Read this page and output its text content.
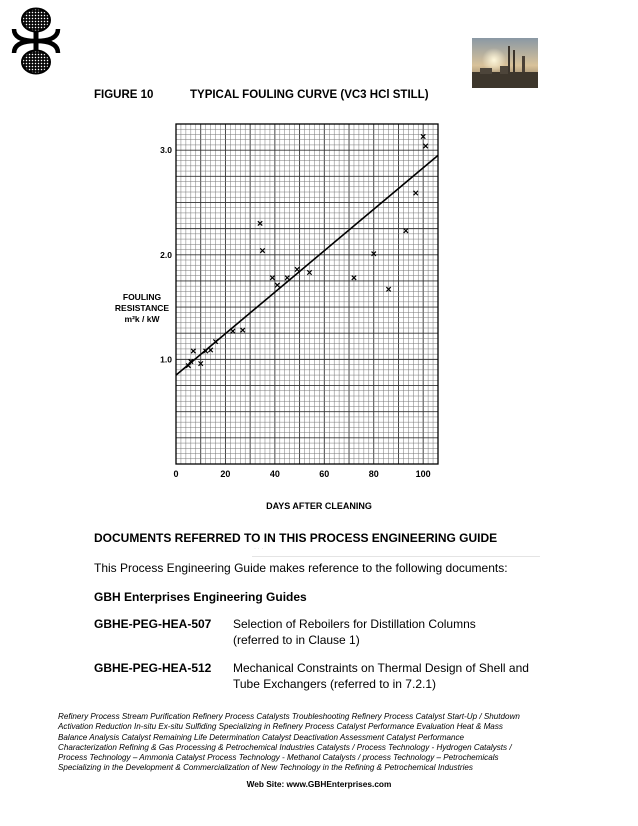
FIGURE 10	TYPICAL FOULING CURVE (VC3 HCl STILL)
0	20	40	60	80	100
1.0
2.0
3.0
DAYS AFTER CLEANING
FOULING
RESISTANCE
m²k / kW
· · ·
DOCUMENTS REFERRED TO IN THIS PROCESS ENGINEERING GUIDE
This Process Engineering Guide makes reference to the following documents:
GBH Enterprises Engineering Guides
GBHE-PEG-HEA-507 Selection of Reboilers for Distillation Columns
(referred to in Clause 1)
GBHE-PEG-HEA-512 Mechanical Constraints on Thermal Design of Shell and
Tube Exchangers (referred to in 7.2.1)
Refinery Process Stream Purification Refinery Process Catalysts Troubleshooting Refinery Process Catalyst Start-Up / Shutdown
Activation Reduction In-situ Ex-situ Sulfiding Specializing in Refinery Process Catalyst Performance Evaluation Heat & Mass
Balance Analysis Catalyst Remaining Life Determination Catalyst Deactivation Assessment Catalyst Performance
Characterization Refining & Gas Processing & Petrochemical Industries Catalysts / Process Technology - Hydrogen Catalysts /
Process Technology – Ammonia Catalyst Process Technology - Methanol Catalysts / process Technology – Petrochemicals
Specializing in the Development & Commercialization of New Technology in the Refining & Petrochemical Industries
Web Site: www.GBHEnterprises.com
